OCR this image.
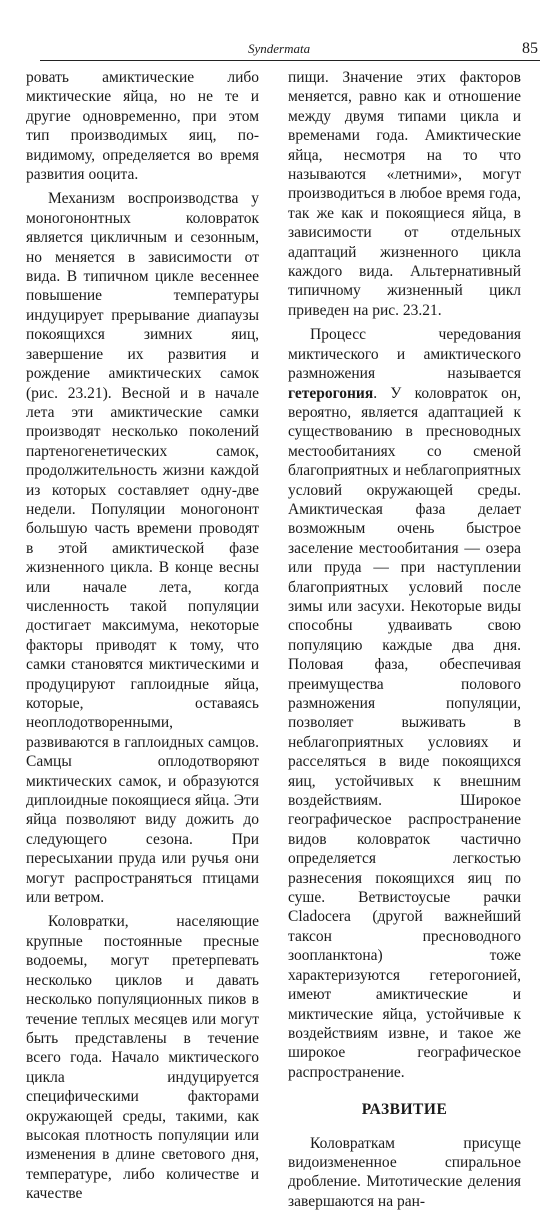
Syndermata	85

ровать амиктические либо миктические яйца, но не те и другие одновременно, при этом тип производимых яиц, по-видимому, определяется во время развития ооцита.

Механизм воспроизводства у моногононтных коловраток является цикличным и сезонным, но меняется в зависимости от вида. В типичном цикле весеннее повышение температуры индуцирует прерывание диапаузы покоящихся зимних яиц, завершение их развития и рождение амиктических самок (рис. 23.21). Весной и в начале лета эти амиктические самки производят несколько поколений партеногенетических самок, продолжительность жизни каждой из которых составляет одну-две недели. Популяции моногононт большую часть времени проводят в этой амиктической фазе жизненного цикла. В конце весны или начале лета, когда численность такой популяции достигает максимума, некоторые факторы приводят к тому, что самки становятся миктическими и продуцируют гаплоидные яйца, которые, оставаясь неоплодотворенными, развиваются в гаплоидных самцов. Самцы оплодотворяют миктических самок, и образуются диплоидные покоящиеся яйца. Эти яйца позволяют виду дожить до следующего сезона. При пересыхании пруда или ручья они могут распространяться птицами или ветром.

Коловратки, населяющие крупные постоянные пресные водоемы, могут претерпевать несколько циклов и давать несколько популяционных пиков в течение теплых месяцев или могут быть представлены в течение всего года. Начало миктического цикла индуцируется специфическими факторами окружающей среды, такими, как высокая плотность популяции или изменения в длине светового дня, температуре, либо количестве и качестве

пищи. Значение этих факторов меняется, равно как и отношение между двумя типами цикла и временами года. Амиктические яйца, несмотря на то что называются «летними», могут производиться в любое время года, так же как и покоящиеся яйца, в зависимости от отдельных адаптаций жизненного цикла каждого вида. Альтернативный типичному жизненный цикл приведен на рис. 23.21.

Процесс чередования миктического и амиктического размножения называется гетерогония. У коловраток он, вероятно, является адаптацией к существованию в пресноводных местообитаниях со сменой благоприятных и неблагоприятных условий окружающей среды. Амиктическая фаза делает возможным очень быстрое заселение местообитания — озера или пруда — при наступлении благоприятных условий после зимы или засухи. Некоторые виды способны удваивать свою популяцию каждые два дня. Половая фаза, обеспечивая преимущества полового размножения популяции, позволяет выживать в неблагоприятных условиях и расселяться в виде покоящихся яиц, устойчивых к внешним воздействиям. Широкое географическое распространение видов коловраток частично определяется легкостью разнесения покоящихся яиц по суше. Ветвистоусые рачки Cladocera (другой важнейший таксон пресноводного зоопланктона) тоже характеризуются гетерогонией, имеют амиктические и миктические яйца, устойчивые к воздействиям извне, и такое же широкое географическое распространение.

РАЗВИТИЕ

Коловраткам присуще видоизмененное спиральное дробление. Митотические деления завершаются на ран-
